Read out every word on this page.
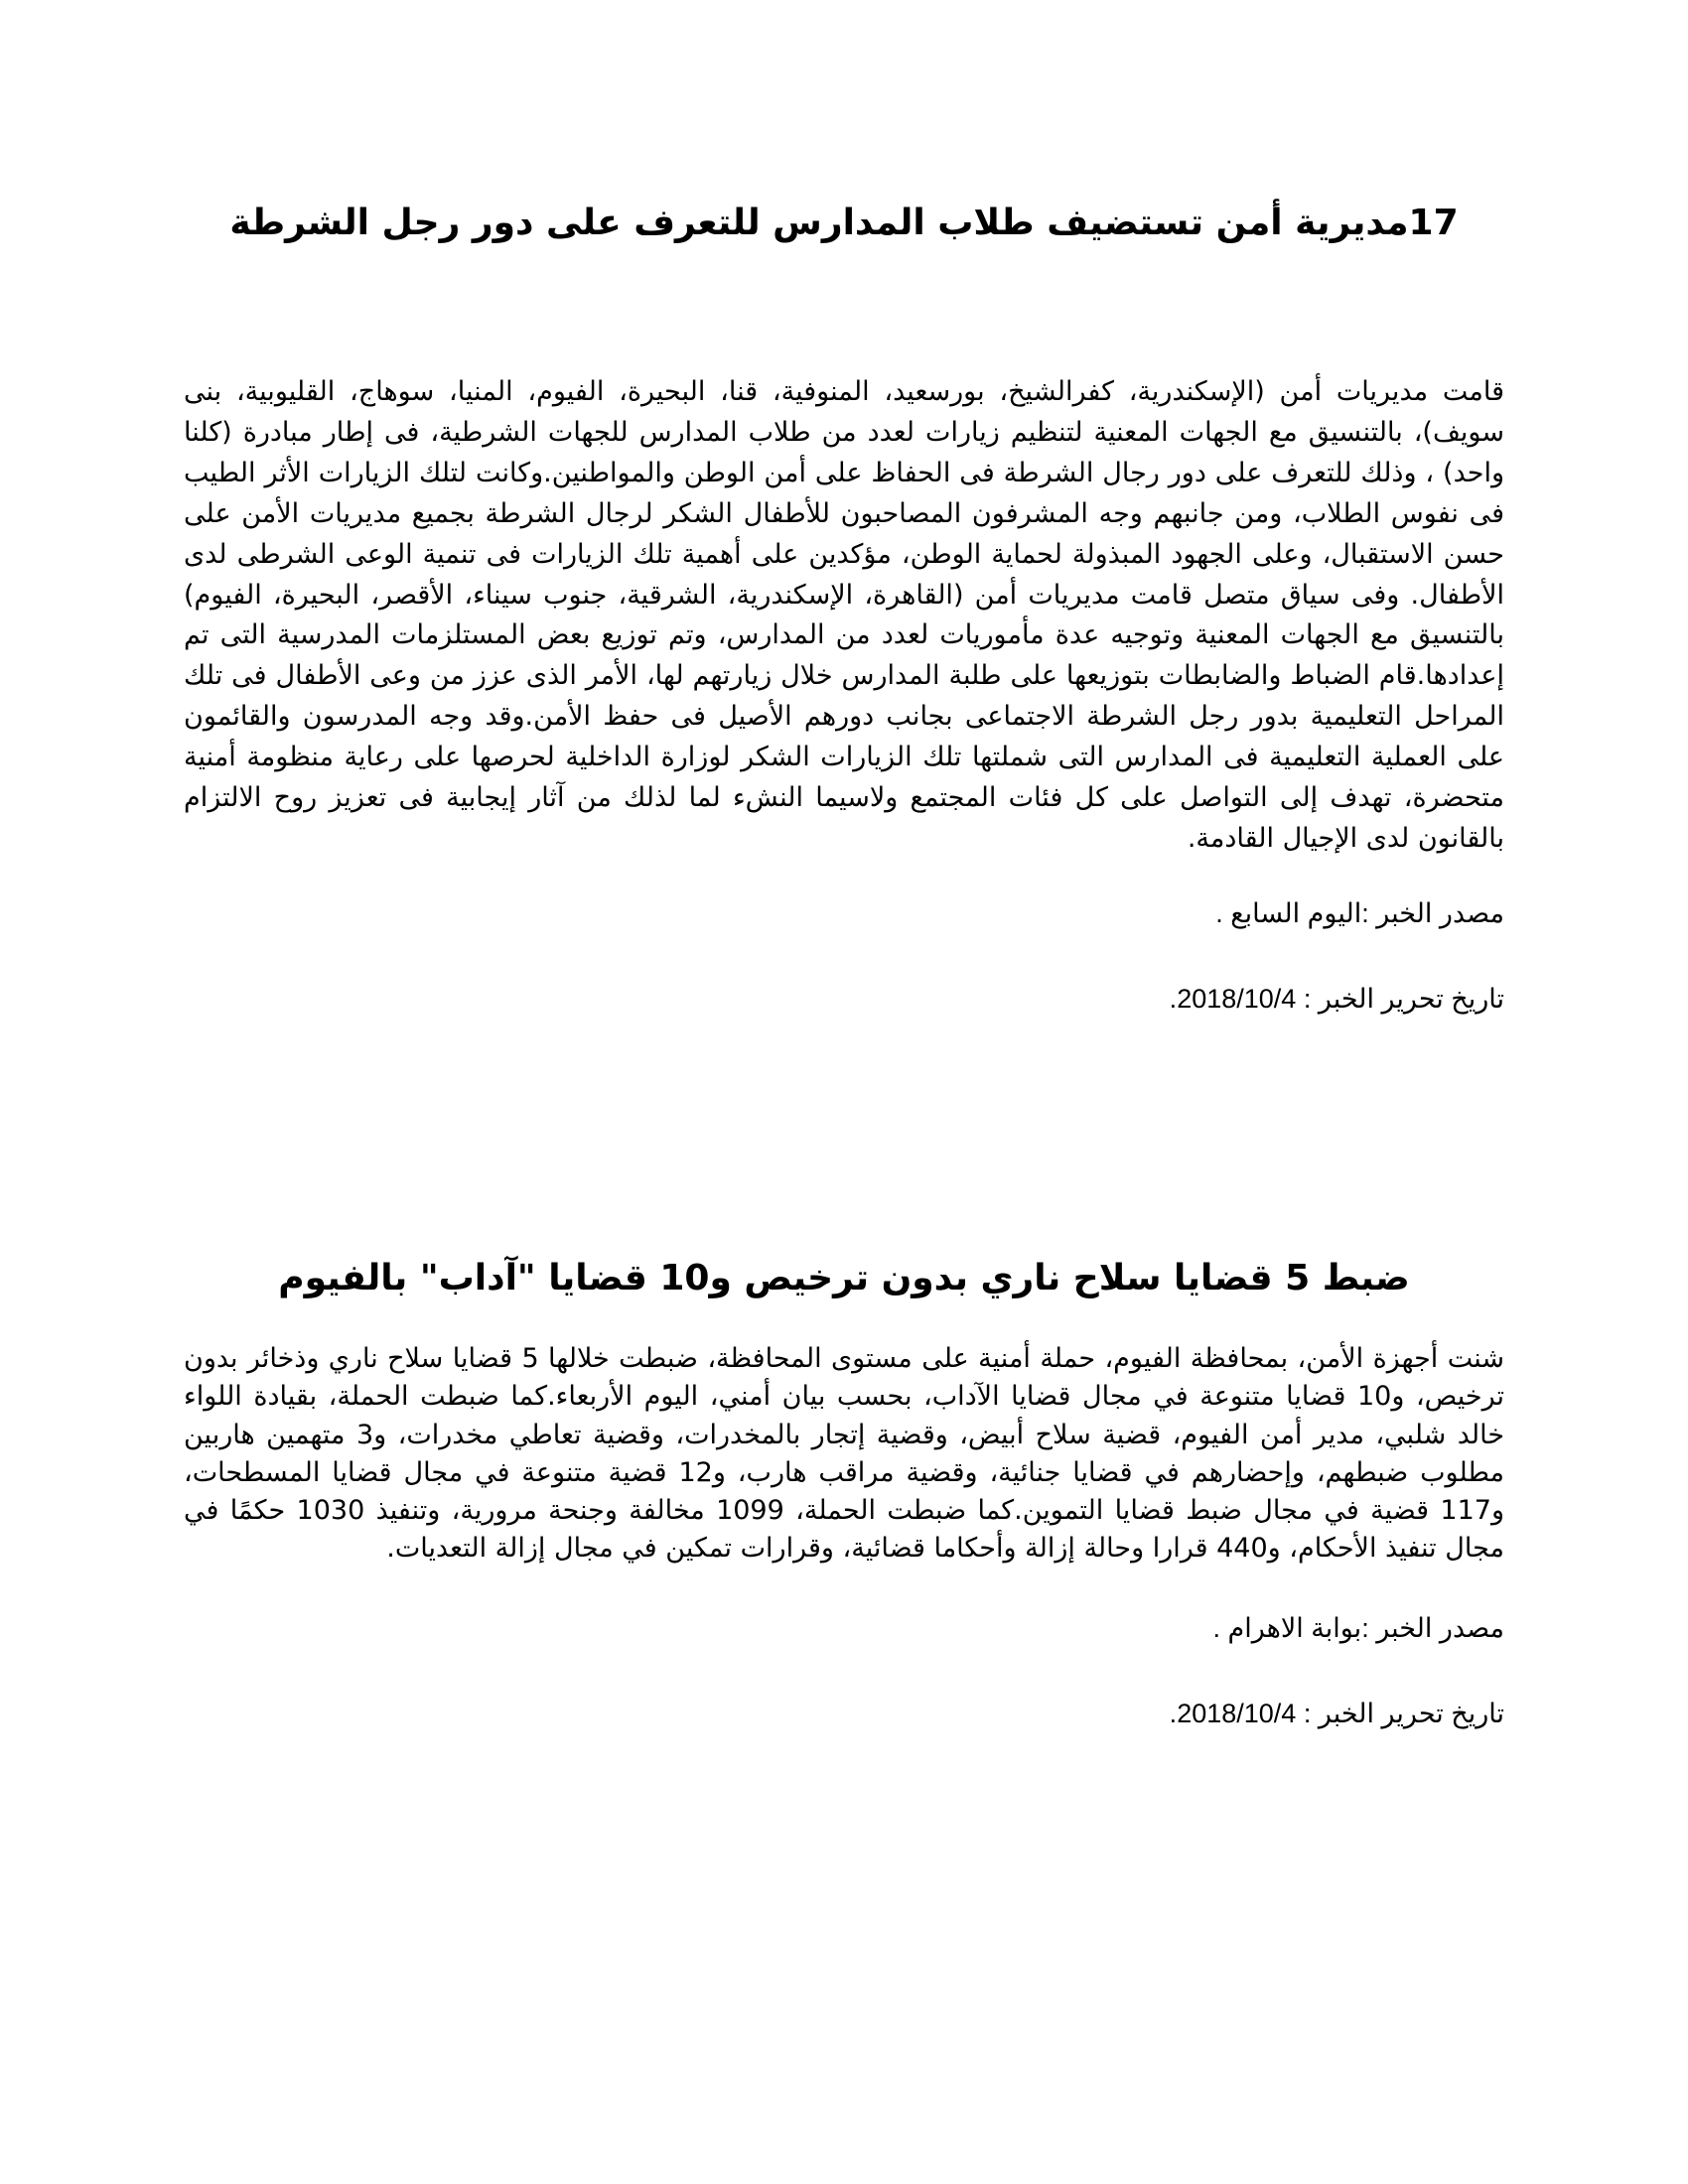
17مديرية أمن تستضيف طلاب المدارس للتعرف على دور رجل الشرطة

قامت مديريات أمن (الإسكندرية، كفرالشيخ، بورسعيد، المنوفية، قنا، البحيرة، الفيوم، المنيا، سوهاج، القليوبية، بنى سويف)، بالتنسيق مع الجهات المعنية لتنظيم زيارات لعدد من طلاب المدارس للجهات الشرطية، فى إطار مبادرة (كلنا واحد) ، وذلك للتعرف على دور رجال الشرطة فى الحفاظ على أمن الوطن والمواطنين.وكانت لتلك الزيارات الأثر الطيب فى نفوس الطلاب، ومن جانبهم وجه المشرفون المصاحبون للأطفال الشكر لرجال الشرطة بجميع مديريات الأمن على حسن الاستقبال، وعلى الجهود المبذولة لحماية الوطن، مؤكدين على أهمية تلك الزيارات فى تنمية الوعى الشرطى لدى الأطفال. وفى سياق متصل قامت مديريات أمن (القاهرة، الإسكندرية، الشرقية، جنوب سيناء، الأقصر، البحيرة، الفيوم) بالتنسيق مع الجهات المعنية وتوجيه عدة مأموريات لعدد من المدارس، وتم توزيع بعض المستلزمات المدرسية التى تم إعدادها.قام الضباط والضابطات بتوزيعها على طلبة المدارس خلال زيارتهم لها، الأمر الذى عزز من وعى الأطفال فى تلك المراحل التعليمية بدور رجل الشرطة الاجتماعى بجانب دورهم الأصيل فى حفظ الأمن.وقد وجه المدرسون والقائمون على العملية التعليمية فى المدارس التى شملتها تلك الزيارات الشكر لوزارة الداخلية لحرصها على رعاية منظومة أمنية متحضرة، تهدف إلى التواصل على كل فئات المجتمع ولاسيما النشء لما لذلك من آثار إيجابية فى تعزيز روح الالتزام بالقانون لدى الإجيال القادمة.

مصدر الخبر :اليوم السابع .

تاريخ تحرير الخبر : 2018/10/4.

ضبط 5 قضايا سلاح ناري بدون ترخيص و10 قضايا "آداب" بالفيوم

شنت أجهزة الأمن، بمحافظة الفيوم، حملة أمنية على مستوى المحافظة، ضبطت خلالها 5 قضايا سلاح ناري وذخائر بدون ترخيص، و10 قضايا متنوعة في مجال قضايا الآداب، بحسب بيان أمني، اليوم الأربعاء.كما ضبطت الحملة، بقيادة اللواء خالد شلبي، مدير أمن الفيوم، قضية سلاح أبيض، وقضية إتجار بالمخدرات، وقضية تعاطي مخدرات، و3 متهمين هاربين مطلوب ضبطهم، وإحضارهم في قضايا جنائية، وقضية مراقب هارب، و12 قضية متنوعة في مجال قضايا المسطحات، و117 قضية في مجال ضبط قضايا التموين.كما ضبطت الحملة، 1099 مخالفة وجنحة مرورية، وتنفيذ 1030 حكمًا في مجال تنفيذ الأحكام، و440 قرارا وحالة إزالة وأحكاما قضائية، وقرارات تمكين في مجال إزالة التعديات.

مصدر الخبر :بوابة الاهرام .

تاريخ تحرير الخبر : 2018/10/4.
